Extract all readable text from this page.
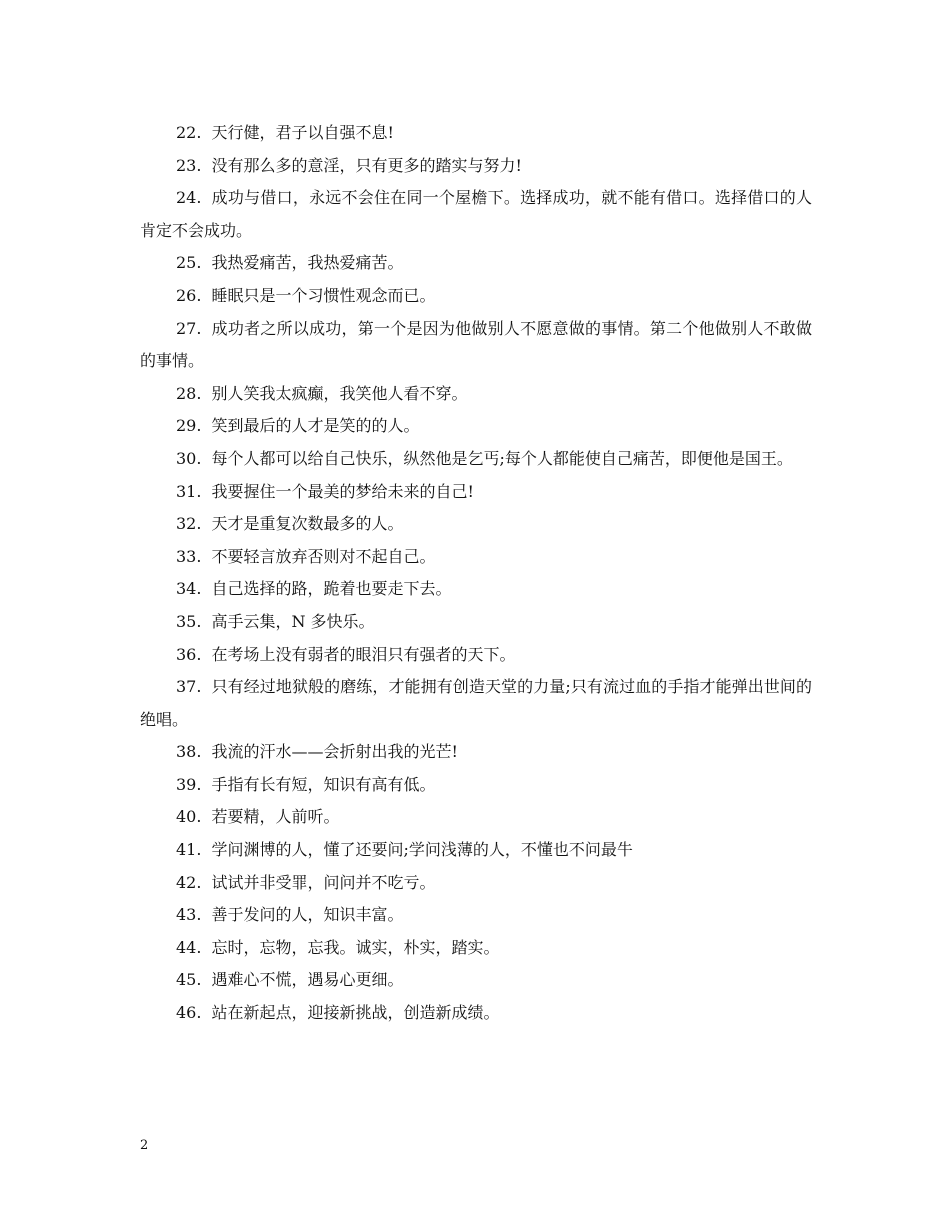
22. 天行健，君子以自强不息!

23. 没有那么多的意淫，只有更多的踏实与努力!

24. 成功与借口，永远不会住在同一个屋檐下。选择成功，就不能有借口。选择借口的人肯定不会成功。

25. 我热爱痛苦，我热爱痛苦。

26. 睡眠只是一个习惯性观念而已。

27. 成功者之所以成功，第一个是因为他做别人不愿意做的事情。第二个他做别人不敢做的事情。

28. 别人笑我太疯癫，我笑他人看不穿。

29. 笑到最后的人才是笑的的人。

30. 每个人都可以给自己快乐，纵然他是乞丐;每个人都能使自己痛苦，即便他是国王。

31. 我要握住一个最美的梦给未来的自己!

32. 天才是重复次数最多的人。

33. 不要轻言放弃否则对不起自己。

34. 自己选择的路，跪着也要走下去。

35. 高手云集，N 多快乐。

36. 在考场上没有弱者的眼泪只有强者的天下。

37. 只有经过地狱般的磨练，才能拥有创造天堂的力量;只有流过血的手指才能弹出世间的绝唱。

38. 我流的汗水——会折射出我的光芒!

39. 手指有长有短，知识有高有低。

40. 若要精，人前听。

41. 学问渊博的人，懂了还要问;学问浅薄的人，不懂也不问最牛

42. 试试并非受罪，问问并不吃亏。

43. 善于发问的人，知识丰富。

44. 忘时，忘物，忘我。诚实，朴实，踏实。

45. 遇难心不慌，遇易心更细。

46. 站在新起点，迎接新挑战，创造新成绩。

2
